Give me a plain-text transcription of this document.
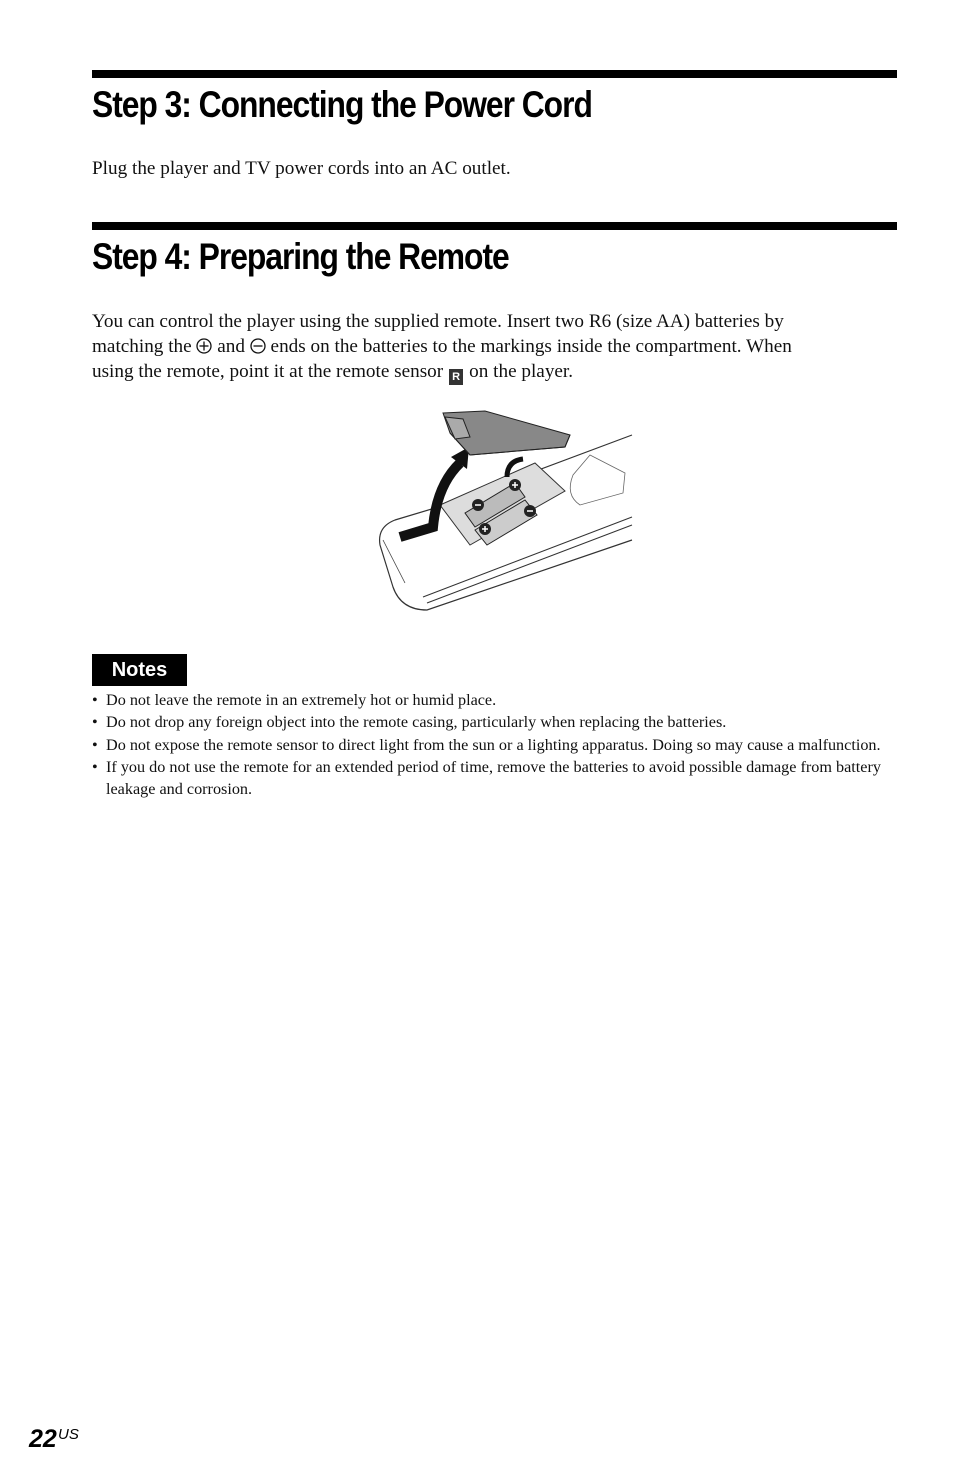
Step 3: Connecting the Power Cord

Plug the player and TV power cords into an AC outlet.

Step 4: Preparing the Remote
You can control the player using the supplied remote. Insert two R6 (size AA) batteries by
matching the and ends on the batteries to the markings inside the compartment. When
using the remote, point it at the remote sensor R on the player.
Notes
• Do not leave the remote in an extremely hot or humid place.
• Do not drop any foreign object into the remote casing, particularly when replacing the batteries.
• Do not expose the remote sensor to direct light from the sun or a lighting apparatus. Doing so may cause a malfunction.
• If you do not use the remote for an extended period of time, remove the batteries to avoid possible damage from battery leakage and corrosion.
22 US
